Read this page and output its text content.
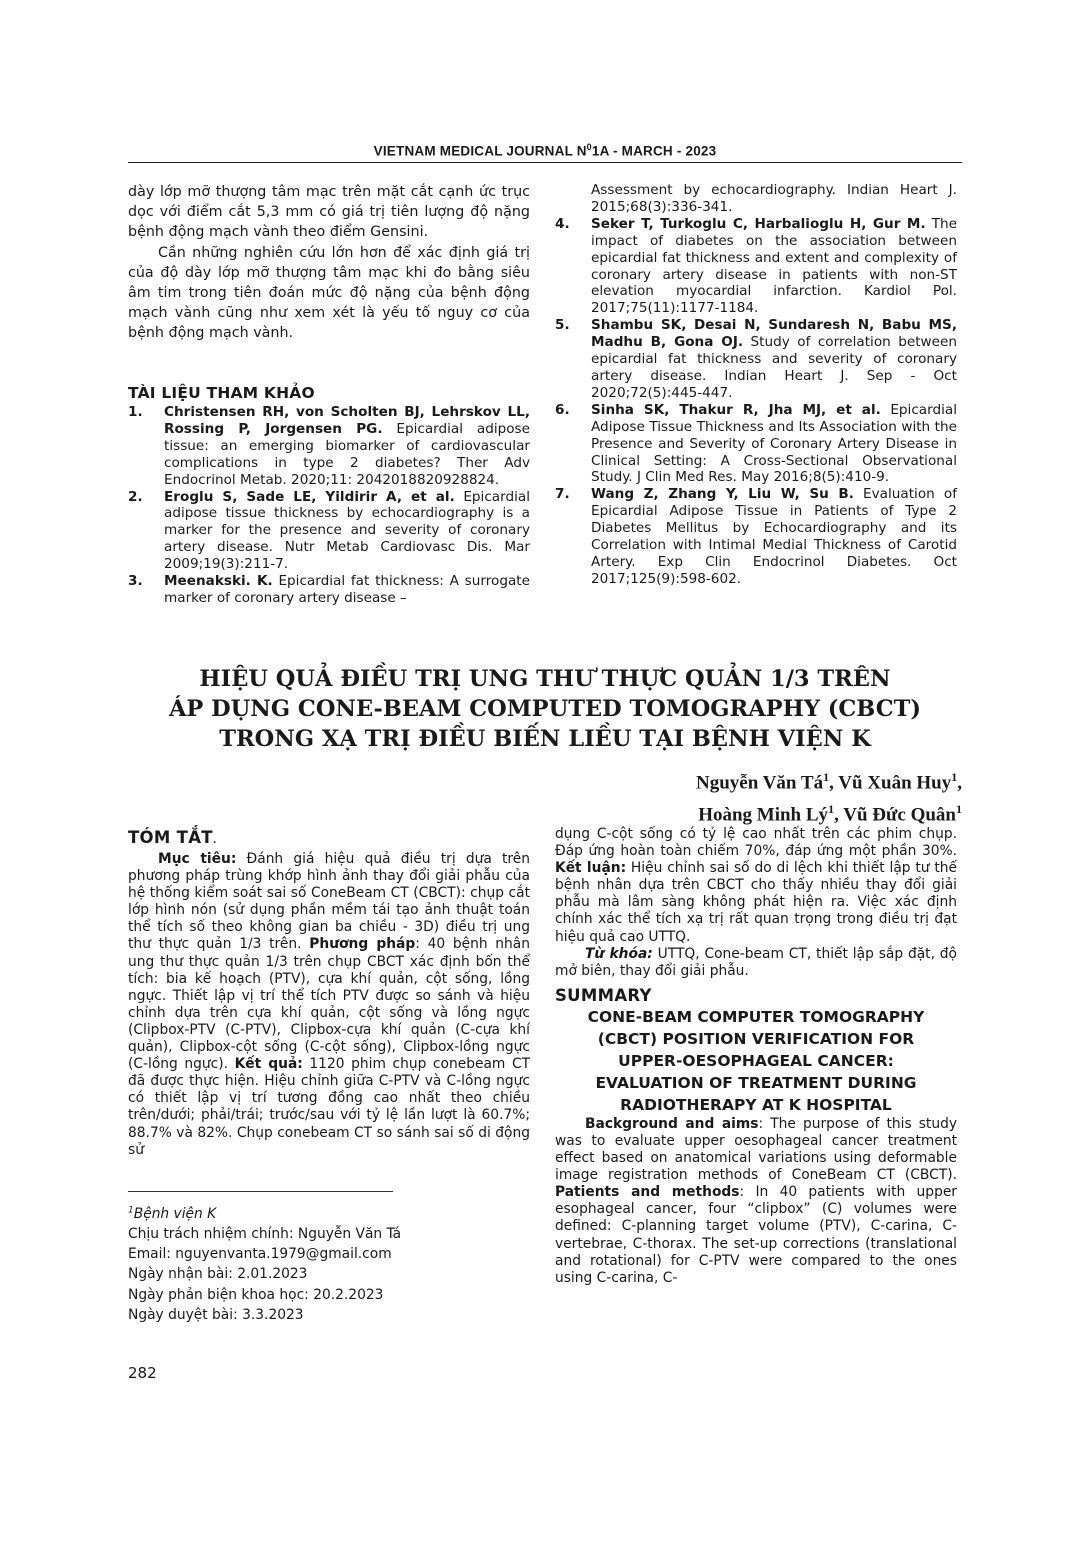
VIETNAM MEDICAL JOURNAL $N^01A$ - MARCH - 2023

dày lớp mỡ thượng tâm mạc trên mặt cắt cạnh ức trục dọc với điểm cắt 5,3 mm có giá trị tiên lượng độ nặng bệnh động mạch vành theo điểm Gensini.

Cần những nghiên cứu lớn hơn để xác định giá trị của độ dày lớp mỡ thượng tâm mạc khi đo bằng siêu âm tim trong tiên đoán mức độ nặng của bệnh động mạch vành cũng như xem xét là yếu tố nguy cơ của bệnh động mạch vành.

TÀI LIỆU THAM KHẢO
1.	Christensen RH, von Scholten BJ, Lehrskov LL, Rossing P, Jorgensen PG. Epicardial adipose tissue: an emerging biomarker of cardiovascular complications in type 2 diabetes? Ther Adv Endocrinol Metab. 2020;11: 2042018820928824.
2.	Eroglu S, Sade LE, Yildirir A, et al. Epicardial adipose tissue thickness by echocardiography is a marker for the presence and severity of coronary artery disease. Nutr Metab Cardiovasc Dis. Mar 2009;19(3):211-7.
3.	Meenakski. K. Epicardial fat thickness: A surrogate marker of coronary artery disease –
Assessment by echocardiography. Indian Heart J. 2015;68(3):336-341.
4.	Seker T, Turkoglu C, Harbalioglu H, Gur M. The impact of diabetes on the association between epicardial fat thickness and extent and complexity of coronary artery disease in patients with non-ST elevation myocardial infarction. Kardiol Pol. 2017;75(11):1177-1184.
5.	Shambu SK, Desai N, Sundaresh N, Babu MS, Madhu B, Gona OJ. Study of correlation between epicardial fat thickness and severity of coronary artery disease. Indian Heart J. Sep - Oct 2020;72(5):445-447.
6.	Sinha SK, Thakur R, Jha MJ, et al. Epicardial Adipose Tissue Thickness and Its Association with the Presence and Severity of Coronary Artery Disease in Clinical Setting: A Cross-Sectional Observational Study. J Clin Med Res. May 2016;8(5):410-9.
7.	Wang Z, Zhang Y, Liu W, Su B. Evaluation of Epicardial Adipose Tissue in Patients of Type 2 Diabetes Mellitus by Echocardiography and its Correlation with Intimal Medial Thickness of Carotid Artery. Exp Clin Endocrinol Diabetes. Oct 2017;125(9):598-602.
HIỆU QUẢ ĐIỀU TRỊ UNG THƯ THỰC QUẢN 1/3 TRÊN
ÁP DỤNG CONE-BEAM COMPUTED TOMOGRAPHY (CBCT)
TRONG XẠ TRỊ ĐIỀU BIẾN LIỀU TẠI BỆNH VIỆN K
Nguyễn Văn $Tá^1$, Vũ Xuân Huy$^1$,
Hoàng Minh $Lý^1$, Vũ Đức Quân$^1$
TÓM TẮT.

Mục tiêu: Đánh giá hiệu quả điều trị dựa trên phương pháp trùng khớp hình ảnh thay đổi giải phẫu của hệ thống kiểm soát sai số ConeBeam CT (CBCT): chụp cắt lớp hình nón (sử dụng phần mềm tái tạo ảnh thuật toán thể tích số theo không gian ba chiều - 3D) điều trị ung thư thực quản 1/3 trên. Phương pháp: 40 bệnh nhân ung thư thực quản 1/3 trên chụp CBCT xác định bốn thể tích: bia kế hoạch (PTV), cựa khí quản, cột sống, lồng ngực. Thiết lập vị trí thể tích PTV được so sánh và hiệu chỉnh dựa trên cựa khí quản, cột sống và lồng ngực (Clipbox-PTV (C-PTV), Clipbox-cựa khí quản (C-cựa khí quản), Clipbox-cột sống (C-cột sống), Clipbox-lồng ngực (C-lồng ngực). Kết quả: 1120 phim chụp conebeam CT đã được thực hiện. Hiệu chỉnh giữa C-PTV và C-lồng ngực có thiết lập vị trí tương đồng cao nhất theo chiều trên/dưới; phải/trái; trước/sau với tỷ lệ lần lượt là 60.7%; 88.7% và 82%. Chụp conebeam CT so sánh sai số di động sử

dụng C-cột sống có tỷ lệ cao nhất trên các phim chụp. Đáp ứng hoàn toàn chiếm 70%, đáp ứng một phần 30%. Kết luận: Hiệu chỉnh sai số do di lệch khi thiết lập tư thế bệnh nhân dựa trên CBCT cho thấy nhiều thay đổi giải phẫu mà lâm sàng không phát hiện ra. Việc xác định chính xác thể tích xạ trị rất quan trọng trong điều trị đạt hiệu quả cao UTTQ.

Từ khóa: UTTQ, Cone-beam CT, thiết lập sắp đặt, độ mở biên, thay đổi giải phẫu.

SUMMARY

CONE-BEAM COMPUTER TOMOGRAPHY

(CBCT) POSITION VERIFICATION FOR

UPPER-OESOPHAGEAL CANCER:

EVALUATION OF TREATMENT DURING

RADIOTHERAPY AT K HOSPITAL

Background and aims: The purpose of this study was to evaluate upper oesophageal cancer treatment effect based on anatomical variations using deformable image registration methods of ConeBeam CT (CBCT). Patients and methods: In 40 patients with upper esophageal cancer, four “clipbox” (C) volumes were defined: C-planning target volume (PTV), C-carina, C-vertebrae, C-thorax. The set-up corrections (translational and rotational) for C-PTV were compared to the ones using C-carina, C-

$^1$Bệnh viện K
Chịu trách nhiệm chính: Nguyễn Văn Tá
Email: nguyenvanta.1979@gmail.com
Ngày nhận bài: 2.01.2023
Ngày phản biện khoa học: 20.2.2023
Ngày duyệt bài: 3.3.2023
282
